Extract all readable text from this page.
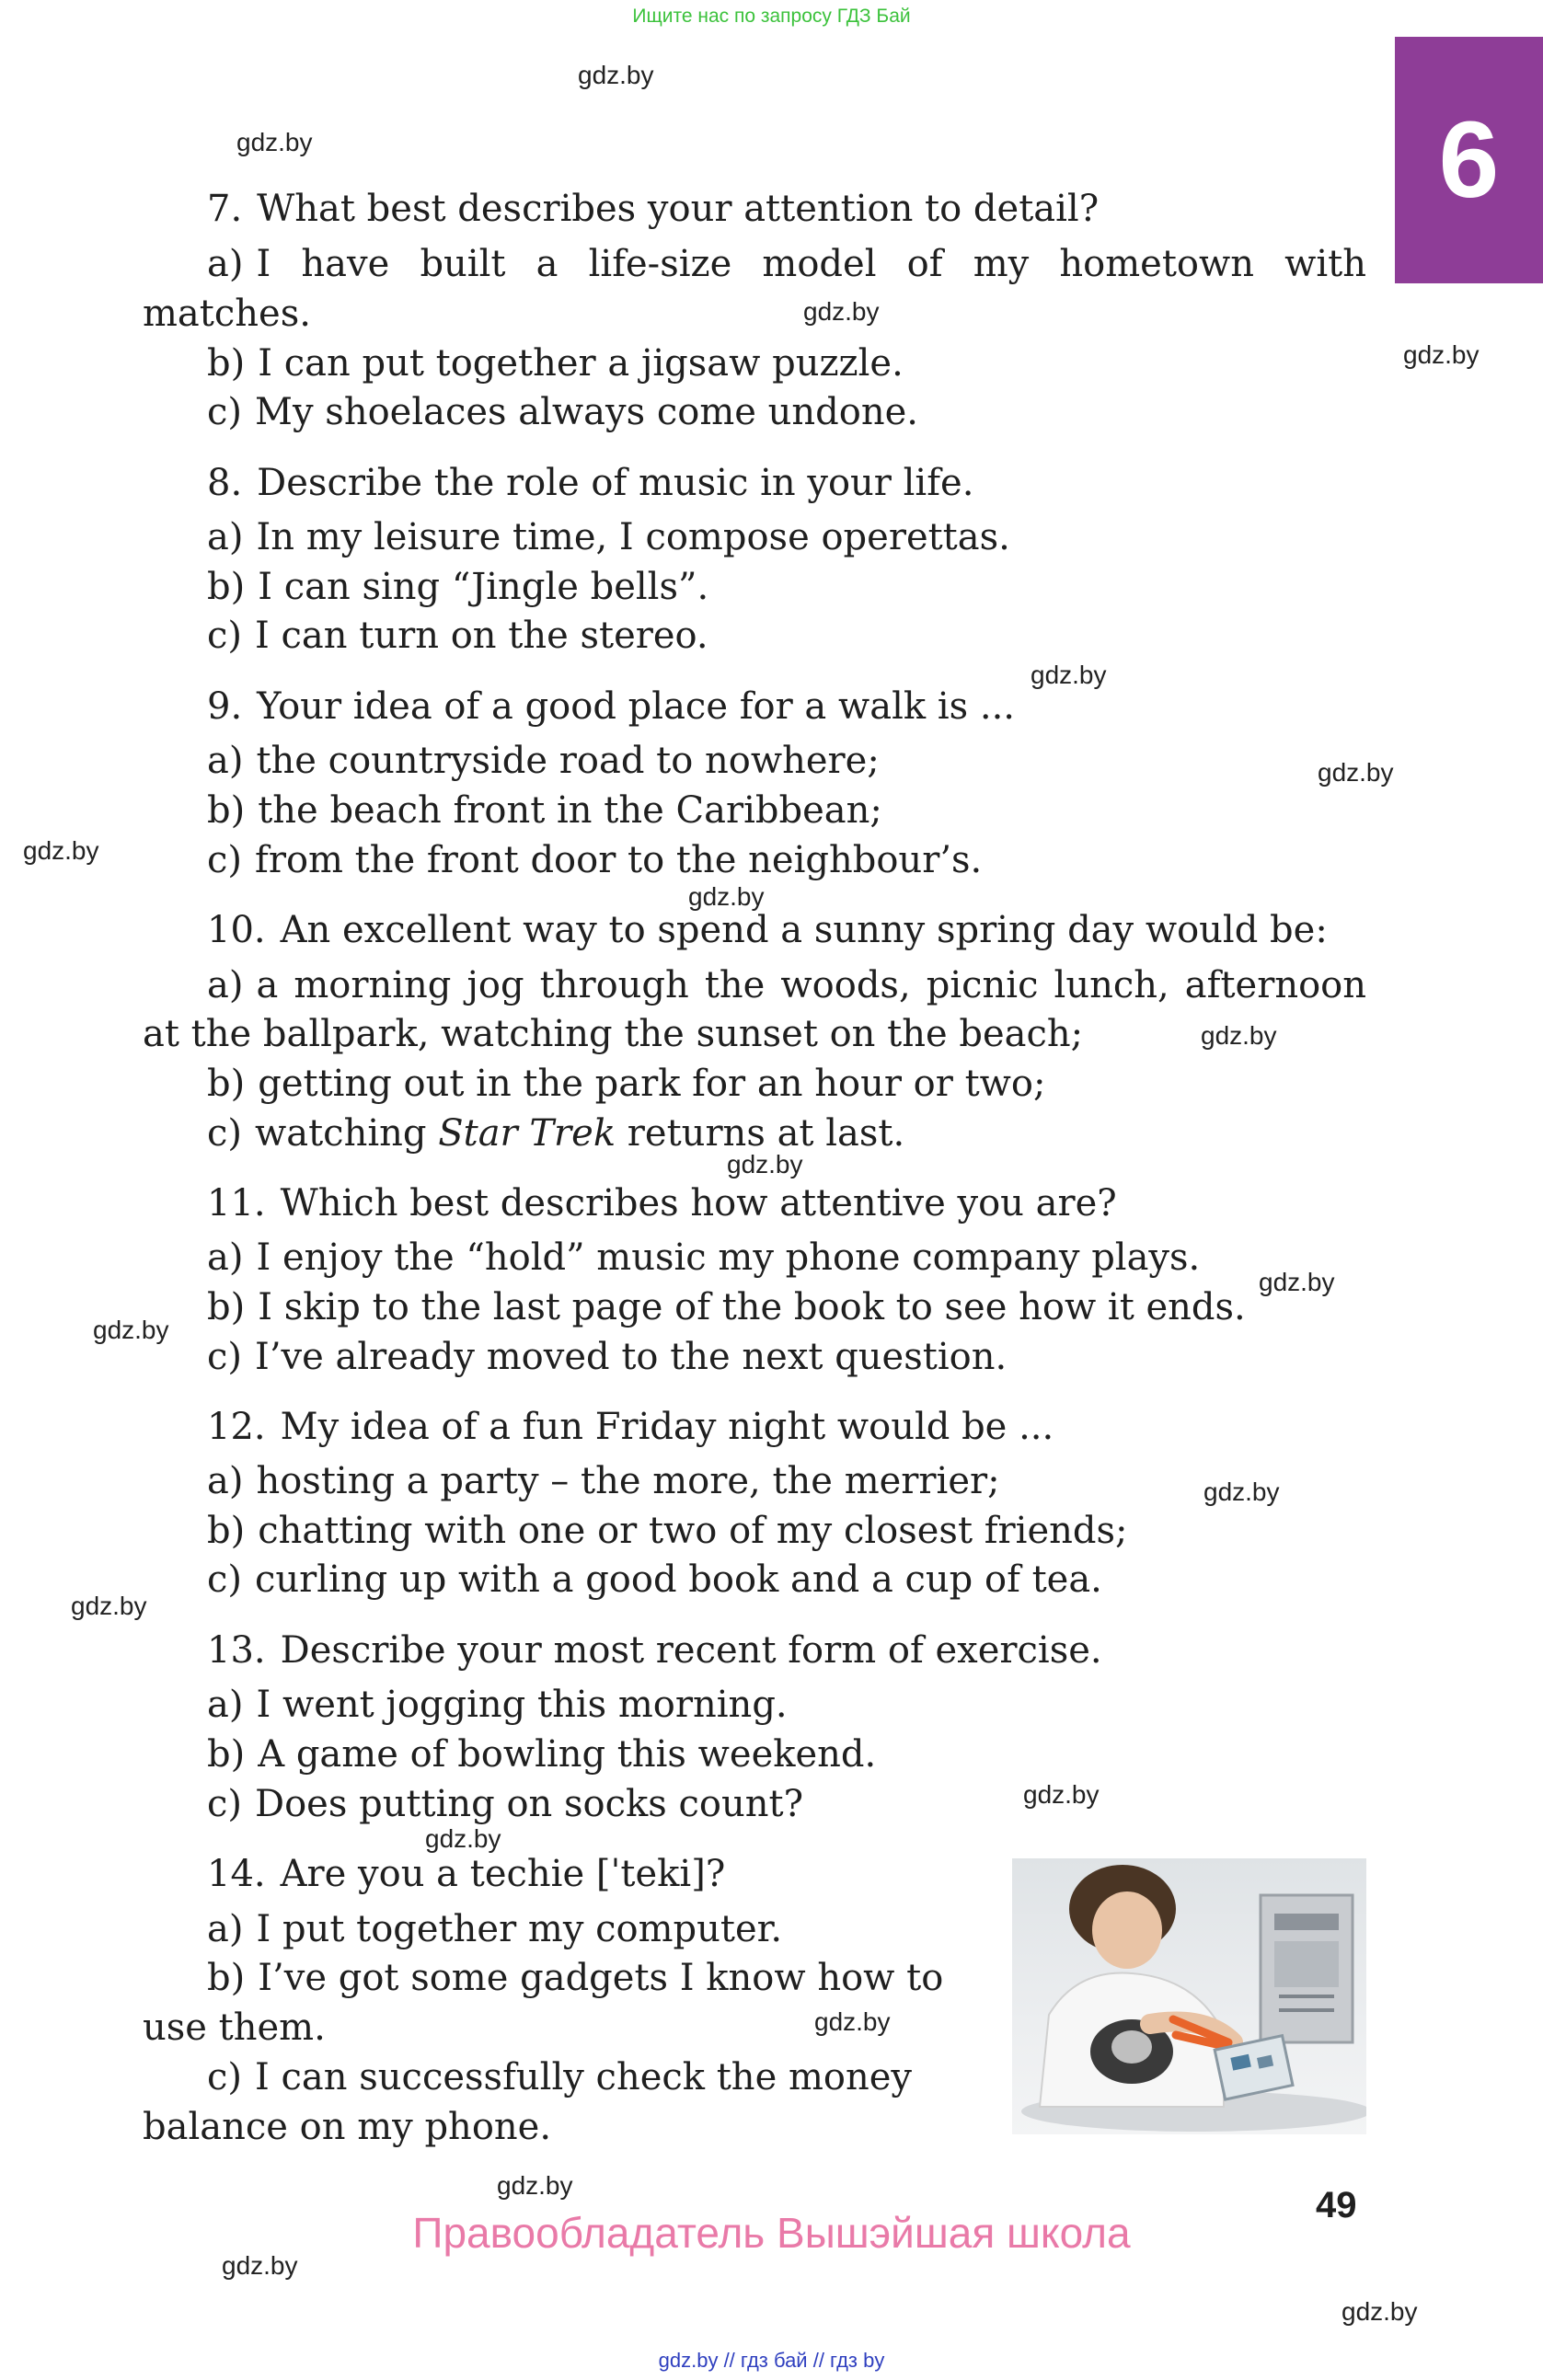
Ищите нас по запросу ГДЗ Бай
6
gdz.by
gdz.by
gdz.by
gdz.by
gdz.by
gdz.by
gdz.by
gdz.by
gdz.by
gdz.by
gdz.by
gdz.by
gdz.by
gdz.by
gdz.by
gdz.by
gdz.by
gdz.by
gdz.by
gdz.by
7. What best describes your attention to detail?
a) I have built a life-size model of my hometown with
matches.
b) I can put together a jigsaw puzzle.
c) My shoelaces always come undone.
8. Describe the role of music in your life.
a) In my leisure time, I compose operettas.
b) I can sing “Jingle bells”.
c) I can turn on the stereo.
9. Your idea of a good place for a walk is ...
a) the countryside road to nowhere;
b) the beach front in the Caribbean;
c) from the front door to the neighbour’s.
10. An excellent way to spend a sunny spring day would be:
a) a morning jog through the woods, picnic lunch, afternoon
at the ballpark, watching the sunset on the beach;
b) getting out in the park for an hour or two;
c) watching Star Trek returns at last.
11. Which best describes how attentive you are?
a) I enjoy the “hold” music my phone company plays.
b) I skip to the last page of the book to see how it ends.
c) I’ve already moved to the next question.
12. My idea of a fun Friday night would be ...
a) hosting a party – the more, the merrier;
b) chatting with one or two of my closest friends;
c) curling up with a good book and a cup of tea.
13. Describe your most recent form of exercise.
a) I went jogging this morning.
b) A game of bowling this weekend.
c) Does putting on socks count?
14. Are you a techie [ˈteki]?
a) I put together my computer.
b) I’ve got some gadgets I know how to
use them.
c) I can successfully check the money
balance on my phone.
49
Правообладатель Вышэйшая школа
gdz.by // гдз бай // гдз by
